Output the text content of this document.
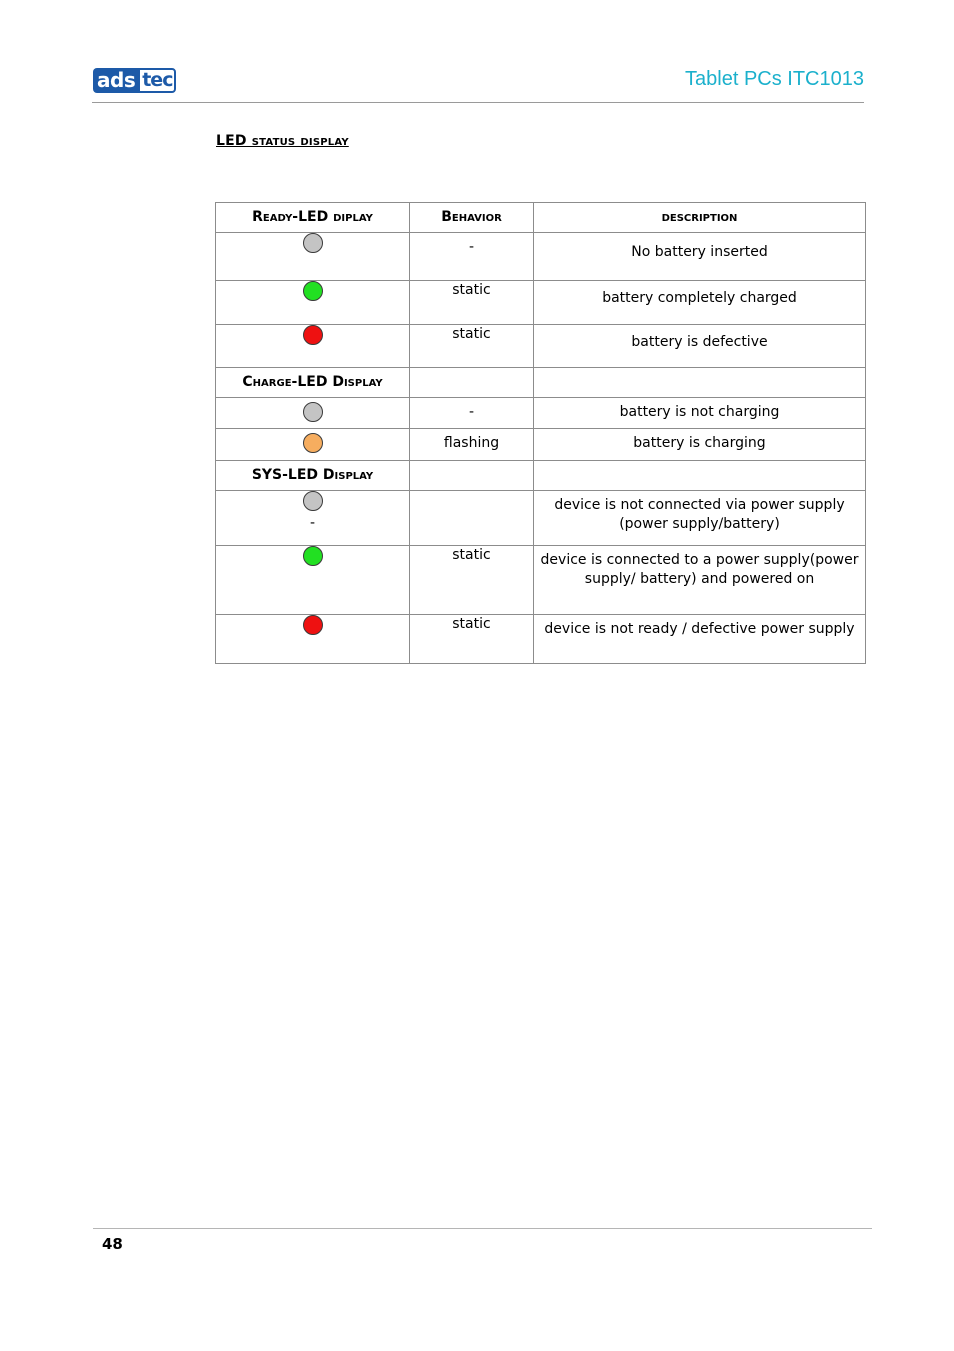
ads tec	Tablet PCs ITC1013
LED status display
Ready-LED diplay	Behavior	description

	-	No battery inserted

	static	battery completely charged

	static	battery is defective
Charge-LED Display		

	-	battery is not charging

	flashing	battery is charging
SYS-LED Display		

-		device is not connected via power supply (power supply/battery)

	static	device is connected to a power supply(power supply/ battery) and powered on

	static	device is not ready / defective power supply
48
